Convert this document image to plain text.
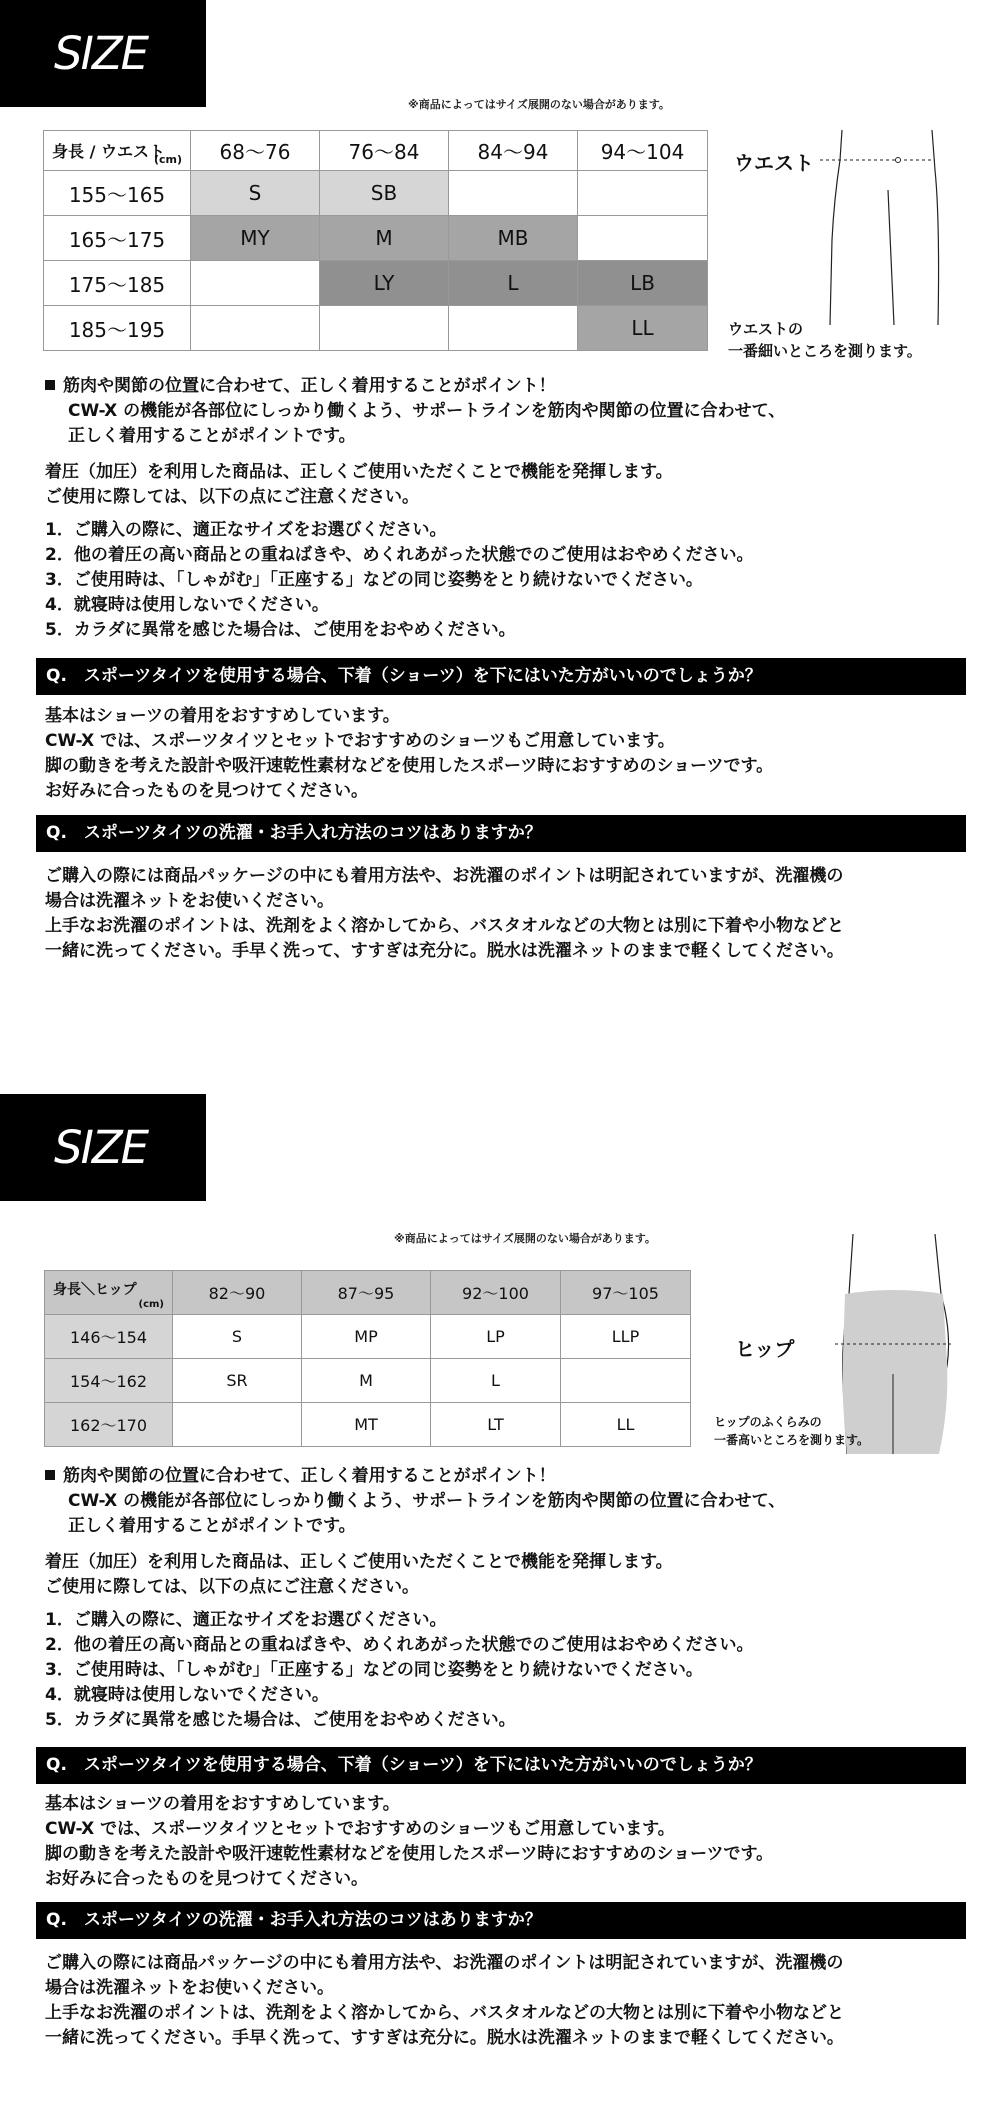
SIZE
※商品によってはサイズ展開のない場合があります。
身長 / ウエスト
(cm)	68〜76	76〜84	84〜94	94〜104
155〜165	S	SB		
165〜175	MY	M	MB	
175〜185		LY	L	LB
185〜195				LL
ウエスト
ウエストの
一番細いところを測ります。
筋肉や関節の位置に合わせて、正しく着用することがポイント！
CW-X の機能が各部位にしっかり働くよう、サポートラインを筋肉や関節の位置に合わせて、
正しく着用することがポイントです。
着圧（加圧）を利用した商品は、正しくご使用いただくことで機能を発揮します。
ご使用に際しては、以下の点にご注意ください。
1．ご購入の際に、適正なサイズをお選びください。
2．他の着圧の高い商品との重ねばきや、めくれあがった状態でのご使用はおやめください。
3．ご使用時は、「しゃがむ」「正座する」などの同じ姿勢をとり続けないでください。
4．就寝時は使用しないでください。
5．カラダに異常を感じた場合は、ご使用をおやめください。
Q.　スポーツタイツを使用する場合、下着（ショーツ）を下にはいた方がいいのでしょうか？
基本はショーツの着用をおすすめしています。
CW-X では、スポーツタイツとセットでおすすめのショーツもご用意しています。
脚の動きを考えた設計や吸汗速乾性素材などを使用したスポーツ時におすすめのショーツです。
お好みに合ったものを見つけてください。
Q.　スポーツタイツの洗濯・お手入れ方法のコツはありますか？
ご購入の際には商品パッケージの中にも着用方法や、お洗濯のポイントは明記されていますが、洗濯機の
場合は洗濯ネットをお使いください。
上手なお洗濯のポイントは、洗剤をよく溶かしてから、バスタオルなどの大物とは別に下着や小物などと
一緒に洗ってください。手早く洗って、すすぎは充分に。脱水は洗濯ネットのままで軽くしてください。
SIZE
※商品によってはサイズ展開のない場合があります。
ヒップ
ヒップのふくらみの
一番高いところを測ります。
筋肉や関節の位置に合わせて、正しく着用することがポイント！
CW-X の機能が各部位にしっかり働くよう、サポートラインを筋肉や関節の位置に合わせて、
正しく着用することがポイントです。
着圧（加圧）を利用した商品は、正しくご使用いただくことで機能を発揮します。
ご使用に際しては、以下の点にご注意ください。
1．ご購入の際に、適正なサイズをお選びください。
2．他の着圧の高い商品との重ねばきや、めくれあがった状態でのご使用はおやめください。
3．ご使用時は、「しゃがむ」「正座する」などの同じ姿勢をとり続けないでください。
4．就寝時は使用しないでください。
5．カラダに異常を感じた場合は、ご使用をおやめください。
Q.　スポーツタイツを使用する場合、下着（ショーツ）を下にはいた方がいいのでしょうか？
基本はショーツの着用をおすすめしています。
CW-X では、スポーツタイツとセットでおすすめのショーツもご用意しています。
脚の動きを考えた設計や吸汗速乾性素材などを使用したスポーツ時におすすめのショーツです。
お好みに合ったものを見つけてください。
Q.　スポーツタイツの洗濯・お手入れ方法のコツはありますか？
ご購入の際には商品パッケージの中にも着用方法や、お洗濯のポイントは明記されていますが、洗濯機の
場合は洗濯ネットをお使いください。
上手なお洗濯のポイントは、洗剤をよく溶かしてから、バスタオルなどの大物とは別に下着や小物などと
一緒に洗ってください。手早く洗って、すすぎは充分に。脱水は洗濯ネットのままで軽くしてください。
身長＼ヒップ
(cm)	82〜90	87〜95	92〜100	97〜105
146〜154	S	MP	LP	LLP
154〜162	SR	M	L	
162〜170		MT	LT	LL
